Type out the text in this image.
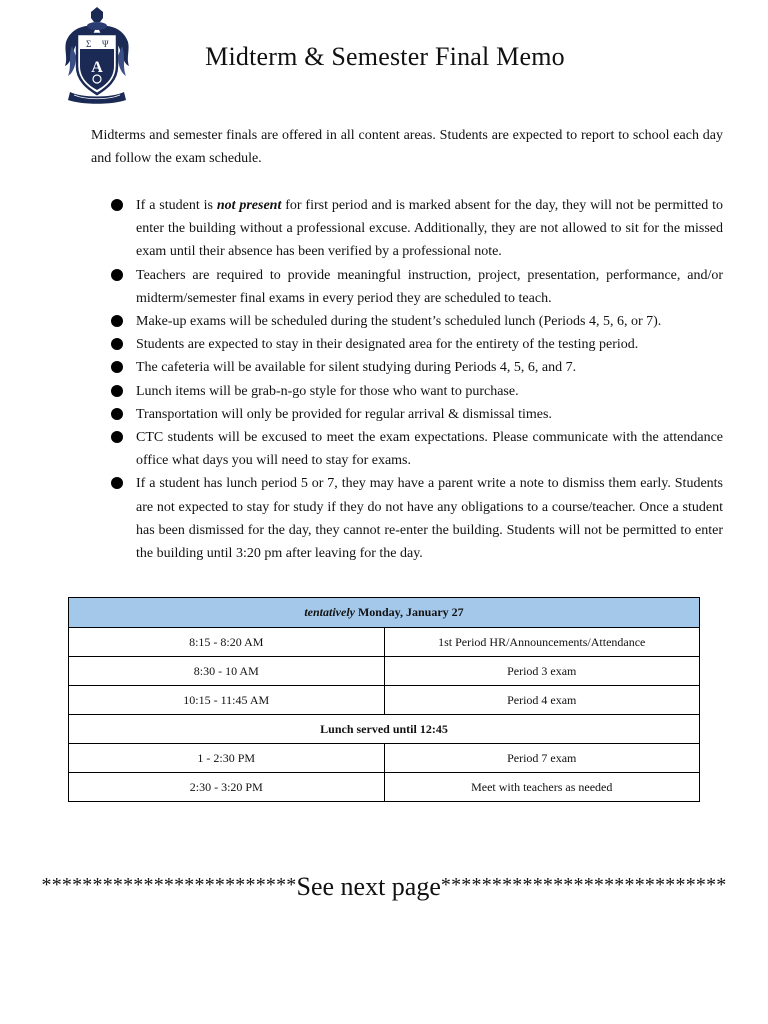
Σ Ψ
A	Midterm & Semester Final Memo

Midterms and semester finals are offered in all content areas. Students are expected to report to school each day and follow the exam schedule.

If a student is not present for first period and is marked absent for the day, they will not be permitted to enter the building without a professional excuse. Additionally, they are not allowed to sit for the missed exam until their absence has been verified by a professional note.
Teachers are required to provide meaningful instruction, project, presentation, performance, and/or midterm/semester final exams in every period they are scheduled to teach.
Make-up exams will be scheduled during the student’s scheduled lunch (Periods 4, 5, 6, or 7).
Students are expected to stay in their designated area for the entirety of the testing period.
The cafeteria will be available for silent studying during Periods 4, 5, 6, and 7.
Lunch items will be grab-n-go style for those who want to purchase.
Transportation will only be provided for regular arrival & dismissal times.
CTC students will be excused to meet the exam expectations. Please communicate with the attendance office what days you will need to stay for exams.
If a student has lunch period 5 or 7, they may have a parent write a note to dismiss them early. Students are not expected to stay for study if they do not have any obligations to a course/teacher. Once a student has been dismissed for the day, they cannot re-enter the building. Students will not be permitted to enter the building until 3:20 pm after leaving for the day.
tentatively Monday, January 27	
8:15 - 8:20 AM	1st Period HR/Announcements/Attendance
8:30 - 10 AM	Period 3 exam
10:15 - 11:45 AM	Period 4 exam
Lunch served until 12:45	
1 - 2:30 PM	Period 7 exam
2:30 - 3:20 PM	Meet with teachers as needed

*************************See next page****************************
